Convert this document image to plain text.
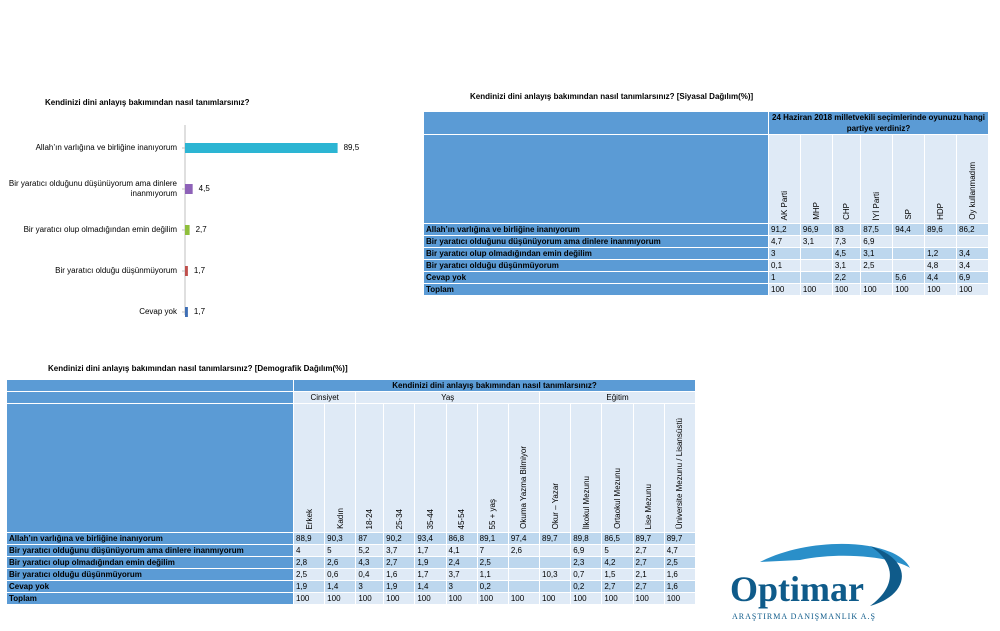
Kendinizi dini anlayış bakımından nasıl tanımlarsınız?
Allah’ın varlığına ve birliğine inanıyorum	89,5
Bir yaratıcı olduğunu düşünüyorum ama dinlere inanmıyorum
4,5
Bir yaratıcı olup olmadığından emin değilim 2,7
Bir yaratıcı olduğu düşünmüyorum 1,7
Cevap yok 1,7
Kendinizi dini anlayış bakımından nasıl tanımlarsınız? [Siyasal Dağılım(%)]
	24 Haziran 2018 milletvekili seçimlerinde oyunuzu hangi partiye verdiniz?						
	AK Parti	MHP	CHP	İYİ Parti	SP	HDP	Oy kullanmadım
Allah’ın varlığına ve birliğine inanıyorum	91,2	96,9	83	87,5	94,4	89,6	86,2
Bir yaratıcı olduğunu düşünüyorum ama dinlere inanmıyorum	4,7	3,1	7,3	6,9			
Bir yaratıcı olup olmadığından emin değilim	3		4,5	3,1		1,2	3,4
Bir yaratıcı olduğu düşünmüyorum	0,1		3,1	2,5		4,8	3,4
Cevap yok	1		2,2		5,6	4,4	6,9
Toplam	100	100	100	100	100	100	100
Kendinizi dini anlayış bakımından nasıl tanımlarsınız? [Demografik Dağılım(%)]
	Kendinizi dini anlayış bakımından nasıl tanımlarsınız?												
	Cinsiyet		Yaş						Eğitim				
	Erkek	Kadın	18-24	25-34	35-44	45-54	55 + yaş	Okuma Yazma Bilmiyor	Okur – Yazar	İlkokul Mezunu	Ortaokul Mezunu	Lise Mezunu	Üniversite Mezunu / Lisansüstü
Allah’ın varlığına ve birliğine inanıyorum	88,9	90,3	87	90,2	93,4	86,8	89,1	97,4	89,7	89,8	86,5	89,7	89,7
Bir yaratıcı olduğunu düşünüyorum ama dinlere inanmıyorum	4	5	5,2	3,7	1,7	4,1	7	2,6		6,9	5	2,7	4,7
Bir yaratıcı olup olmadığından emin değilim	2,8	2,6	4,3	2,7	1,9	2,4	2,5			2,3	4,2	2,7	2,5
Bir yaratıcı olduğu düşünmüyorum	2,5	0,6	0,4	1,6	1,7	3,7	1,1		10,3	0,7	1,5	2,1	1,6
Cevap yok	1,9	1,4	3	1,9	1,4	3	0,2			0,2	2,7	2,7	1,6
Toplam	100	100	100	100	100	100	100	100	100	100	100	100	100 Optimar
ARAŞTIRMA DANIŞMANLIK A.Ş
